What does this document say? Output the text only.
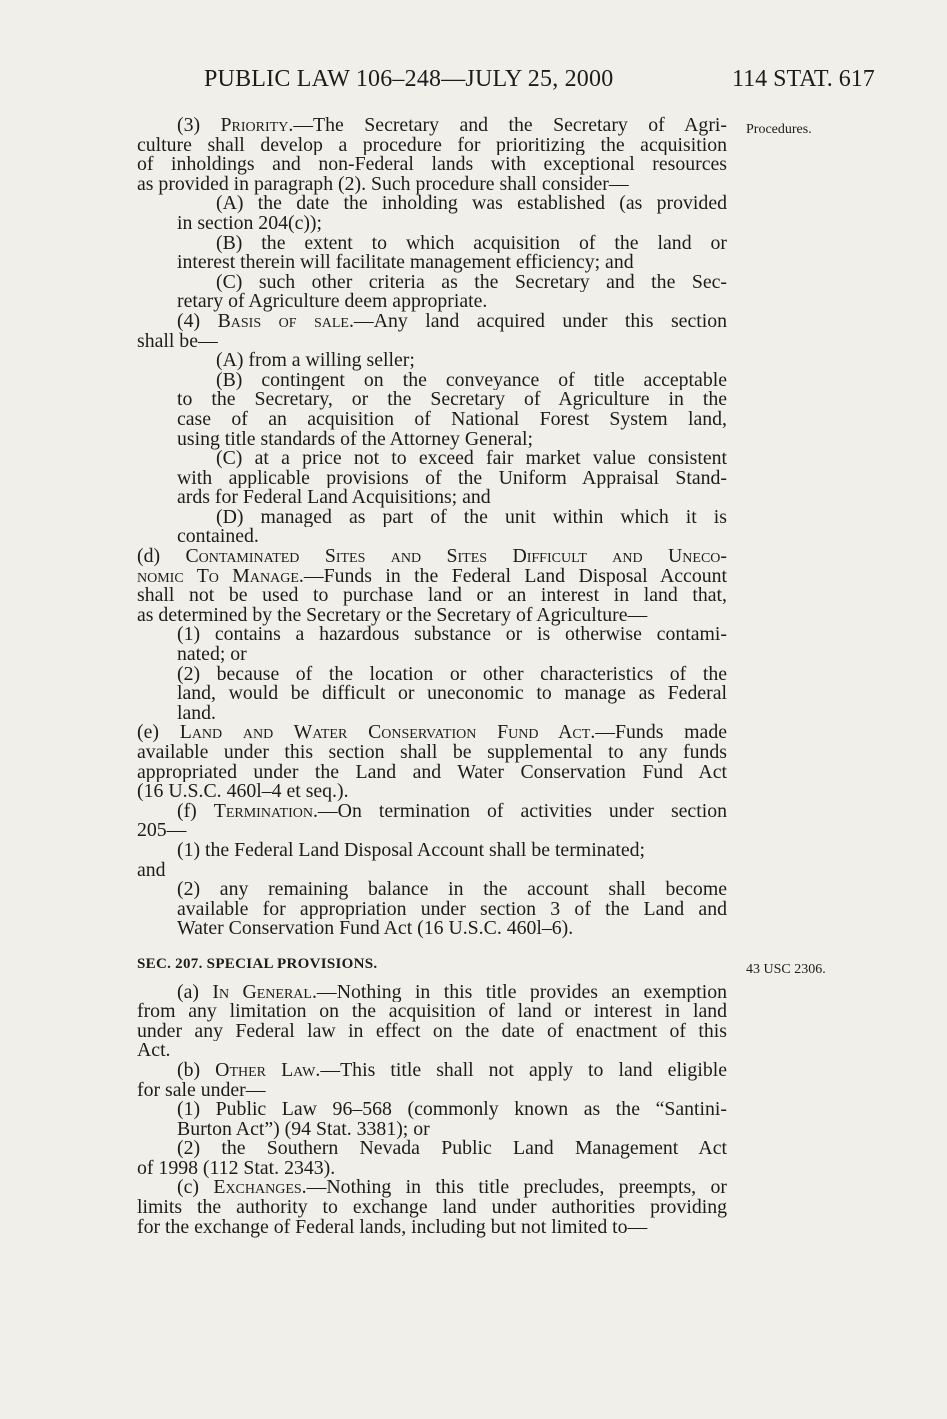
PUBLIC LAW 106–248—JULY 25, 2000	114 STAT. 617
Procedures.
43 USC 2306.
(3) Priority.—The Secretary and the Secretary of Agri-
culture shall develop a procedure for prioritizing the acquisition
of inholdings and non-Federal lands with exceptional resources
as provided in paragraph (2). Such procedure shall consider—
(A) the date the inholding was established (as provided
in section 204(c));
(B) the extent to which acquisition of the land or
interest therein will facilitate management efficiency; and
(C) such other criteria as the Secretary and the Sec-
retary of Agriculture deem appropriate.
(4) Basis of sale.—Any land acquired under this section
shall be—
(A) from a willing seller;
(B) contingent on the conveyance of title acceptable
to the Secretary, or the Secretary of Agriculture in the
case of an acquisition of National Forest System land,
using title standards of the Attorney General;
(C) at a price not to exceed fair market value consistent
with applicable provisions of the Uniform Appraisal Stand-
ards for Federal Land Acquisitions; and
(D) managed as part of the unit within which it is
contained.
(d) Contaminated Sites and Sites Difficult and Uneco-
nomic To Manage.—Funds in the Federal Land Disposal Account
shall not be used to purchase land or an interest in land that,
as determined by the Secretary or the Secretary of Agriculture—
(1) contains a hazardous substance or is otherwise contami-
nated; or
(2) because of the location or other characteristics of the
land, would be difficult or uneconomic to manage as Federal
land.
(e) Land and Water Conservation Fund Act.—Funds made
available under this section shall be supplemental to any funds
appropriated under the Land and Water Conservation Fund Act
(16 U.S.C. 460l–4 et seq.).
(f) Termination.—On termination of activities under section
205—
(1) the Federal Land Disposal Account shall be terminated;
and
(2) any remaining balance in the account shall become
available for appropriation under section 3 of the Land and
Water Conservation Fund Act (16 U.S.C. 460l–6).
SEC. 207. SPECIAL PROVISIONS.
(a) In General.—Nothing in this title provides an exemption
from any limitation on the acquisition of land or interest in land
under any Federal law in effect on the date of enactment of this
Act.
(b) Other Law.—This title shall not apply to land eligible
for sale under—
(1) Public Law 96–568 (commonly known as the “Santini-
Burton Act”) (94 Stat. 3381); or
(2) the Southern Nevada Public Land Management Act
of 1998 (112 Stat. 2343).
(c) Exchanges.—Nothing in this title precludes, preempts, or
limits the authority to exchange land under authorities providing
for the exchange of Federal lands, including but not limited to—
